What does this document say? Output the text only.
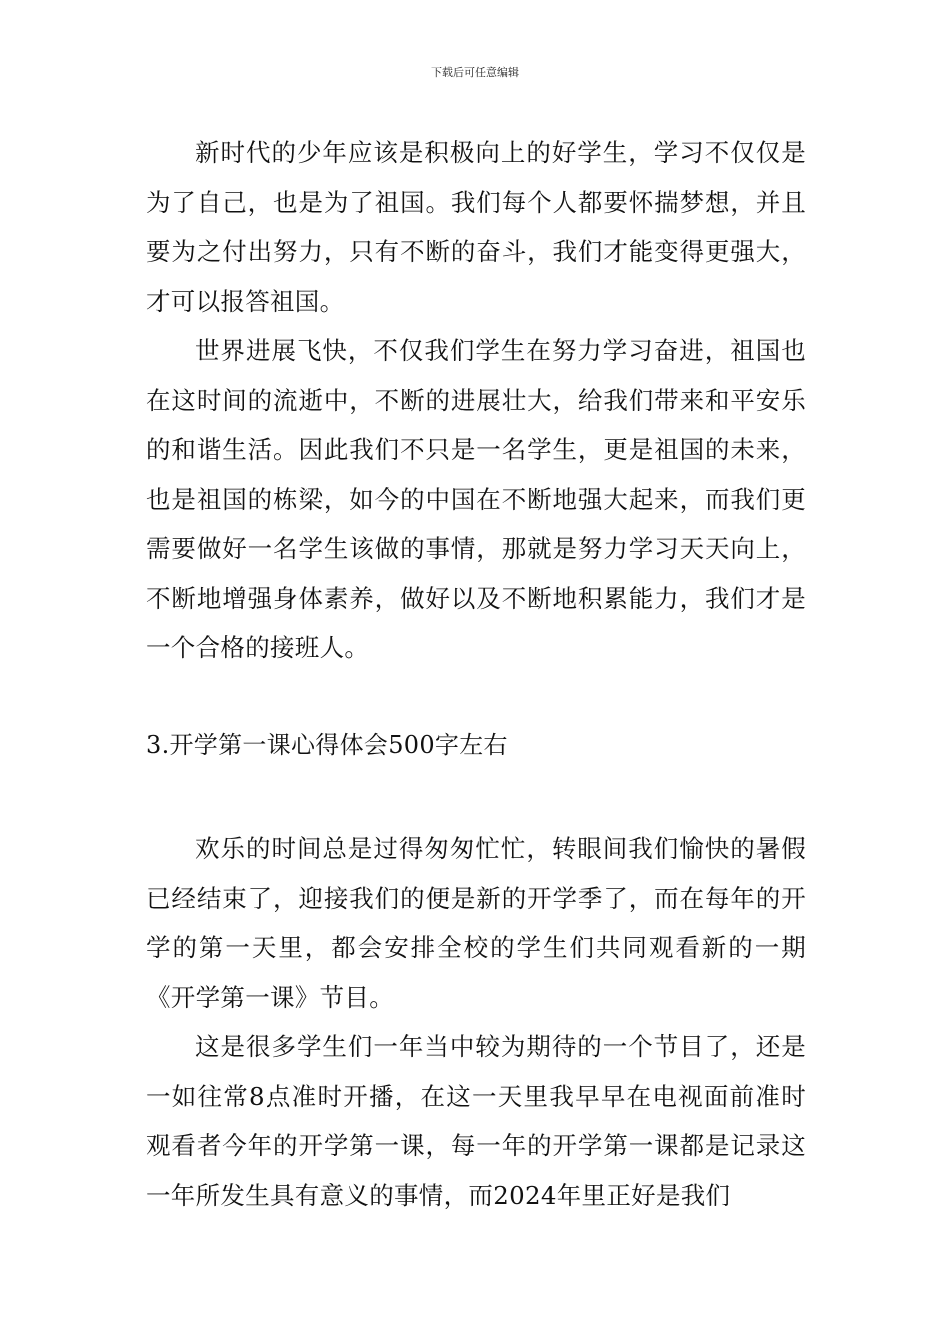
下载后可任意编辑

新时代的少年应该是积极向上的好学生，学习不仅仅是为了自己，也是为了祖国。我们每个人都要怀揣梦想，并且要为之付出努力，只有不断的奋斗，我们才能变得更强大，才可以报答祖国。

世界进展飞快，不仅我们学生在努力学习奋进，祖国也在这时间的流逝中，不断的进展壮大，给我们带来和平安乐的和谐生活。因此我们不只是一名学生，更是祖国的未来，也是祖国的栋梁，如今的中国在不断地强大起来，而我们更需要做好一名学生该做的事情，那就是努力学习天天向上，不断地增强身体素养，做好以及不断地积累能力，我们才是一个合格的接班人。

3.开学第一课心得体会500字左右

欢乐的时间总是过得匆匆忙忙，转眼间我们愉快的暑假已经结束了，迎接我们的便是新的开学季了，而在每年的开学的第一天里，都会安排全校的学生们共同观看新的一期《开学第一课》节目。

这是很多学生们一年当中较为期待的一个节目了，还是一如往常8点准时开播，在这一天里我早早在电视面前准时观看者今年的开学第一课，每一年的开学第一课都是记录这一年所发生具有意义的事情，而2024年里正好是我们
